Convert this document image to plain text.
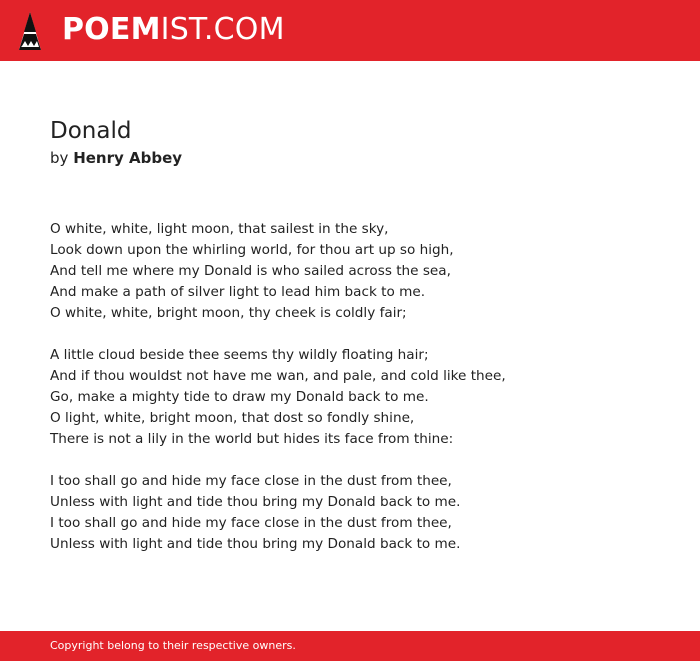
POEMIST.COM
Donald
by Henry Abbey
O white, white, light moon, that sailest in the sky,
Look down upon the whirling world, for thou art up so high,
And tell me where my Donald is who sailed across the sea,
And make a path of silver light to lead him back to me.
O white, white, bright moon, thy cheek is coldly fair;
A little cloud beside thee seems thy wildly floating hair;
And if thou wouldst not have me wan, and pale, and cold like thee,
Go, make a mighty tide to draw my Donald back to me.
O light, white, bright moon, that dost so fondly shine,
There is not a lily in the world but hides its face from thine:
I too shall go and hide my face close in the dust from thee,
Unless with light and tide thou bring my Donald back to me.
I too shall go and hide my face close in the dust from thee,
Unless with light and tide thou bring my Donald back to me.
Copyright belong to their respective owners.
